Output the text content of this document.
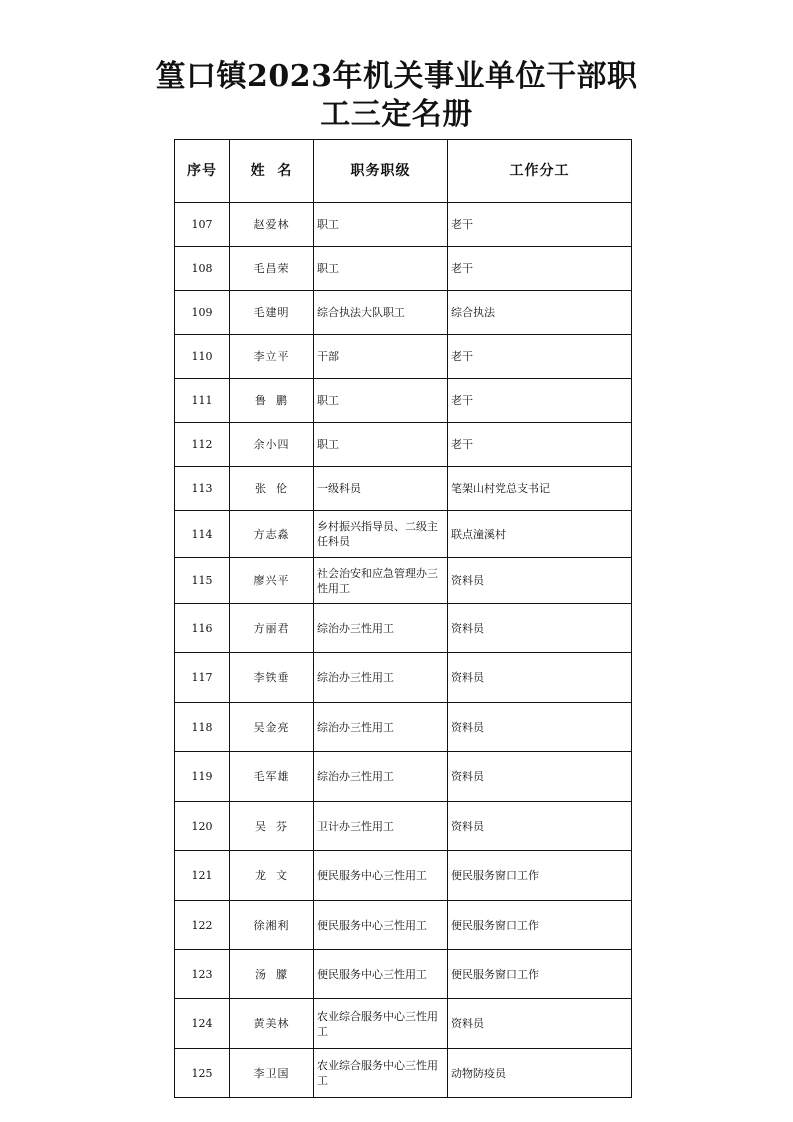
篁口镇2023年机关事业单位干部职
工三定名册
序号	姓  名	职务职级	工作分工
107	赵爱林	职工	老干
108	毛昌荣	职工	老干
109	毛建明	综合执法大队职工	综合执法
110	李立平	干部	老干
111	鲁  鹏	职工	老干
112	余小四	职工	老干
113	张  伦	一级科员	笔架山村党总支书记
114	方志淼	乡村振兴指导员、二级主任科员	联点潼溪村
115	廖兴平	社会治安和应急管理办三性用工	资料员
116	方丽君	综治办三性用工	资料员
117	李铁垂	综治办三性用工	资料员
118	吴金亮	综治办三性用工	资料员
119	毛军雄	综治办三性用工	资料员
120	吴  芬	卫计办三性用工	资料员
121	龙  文	便民服务中心三性用工	便民服务窗口工作
122	徐湘利	便民服务中心三性用工	便民服务窗口工作
123	汤  朦	便民服务中心三性用工	便民服务窗口工作
124	黄美林	农业综合服务中心三性用工	资料员
125	李卫国	农业综合服务中心三性用工	动物防疫员
